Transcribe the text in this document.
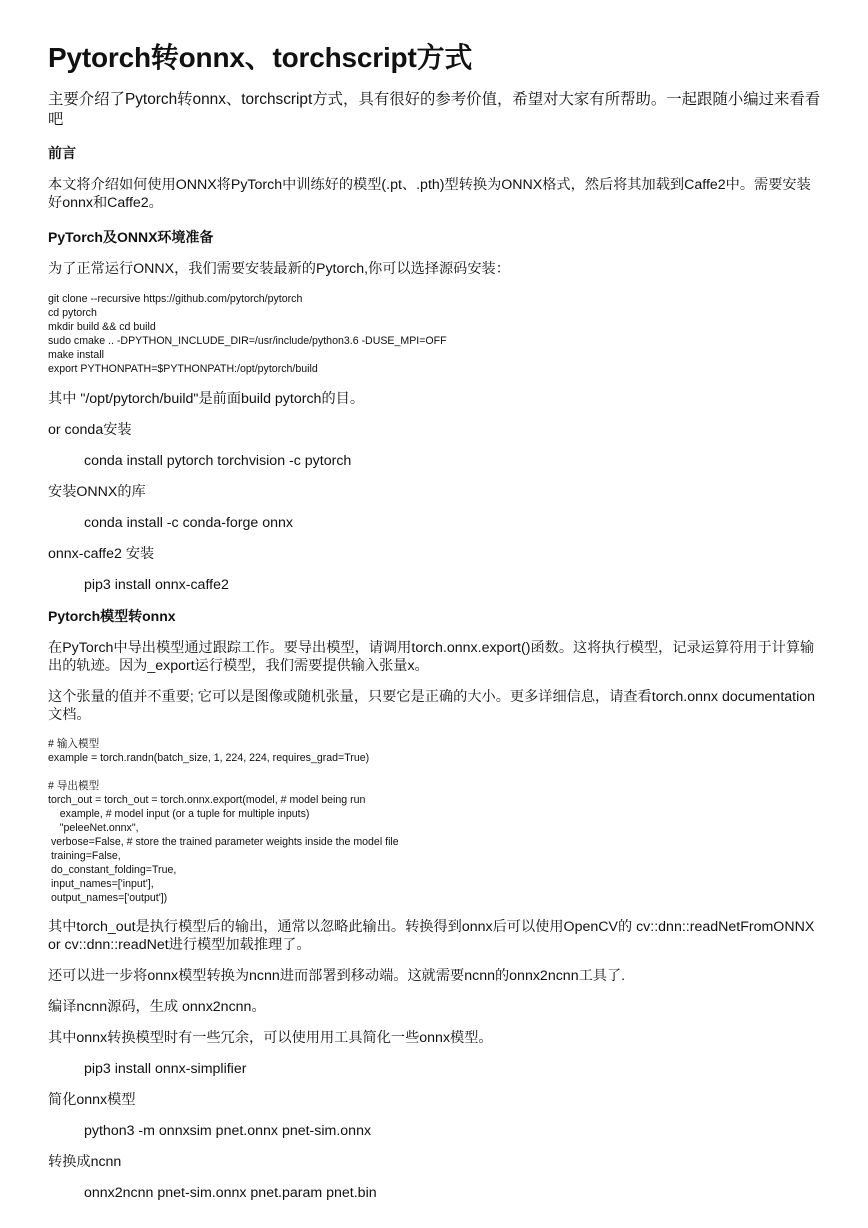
Pytorch转onnx、torchscript方式

主要介绍了Pytorch转onnx、torchscript方式，具有很好的参考价值，希望对大家有所帮助。一起跟随小编过来看看吧

前言

本文将介绍如何使用ONNX将PyTorch中训练好的模型(.pt、.pth)型转换为ONNX格式，然后将其加载到Caffe2中。需要安装好onnx和Caffe2。

PyTorch及ONNX环境准备

为了正常运行ONNX，我们需要安装最新的Pytorch,你可以选择源码安装：

git clone --recursive https://github.com/pytorch/pytorch
cd pytorch
mkdir build && cd build
sudo cmake .. -DPYTHON_INCLUDE_DIR=/usr/include/python3.6 -DUSE_MPI=OFF
make install
export PYTHONPATH=$PYTHONPATH:/opt/pytorch/build

其中 "/opt/pytorch/build"是前面build pytorch的目。

or conda安装

conda install pytorch torchvision -c pytorch

安装ONNX的库

conda install -c conda-forge onnx

onnx-caffe2 安装

pip3 install onnx-caffe2

Pytorch模型转onnx

在PyTorch中导出模型通过跟踪工作。要导出模型，请调用torch.onnx.export()函数。这将执行模型，记录运算符用于计算输出的轨迹。因为_export运行模型，我们需要提供输入张量x。

这个张量的值并不重要; 它可以是图像或随机张量，只要它是正确的大小。更多详细信息，请查看torch.onnx documentation文档。

# 输入模型
example = torch.randn(batch_size, 1, 224, 224, requires_grad=True)

# 导出模型
torch_out = torch_out = torch.onnx.export(model, # model being run
example, # model input (or a tuple for multiple inputs)
"peleeNet.onnx",
verbose=False, # store the trained parameter weights inside the model file
training=False,
do_constant_folding=True,
input_names=['input'],
output_names=['output'])

其中torch_out是执行模型后的输出，通常以忽略此输出。转换得到onnx后可以使用OpenCV的 cv::dnn::readNetFromONNX or cv::dnn::readNet进行模型加载推理了。

还可以进一步将onnx模型转换为ncnn进而部署到移动端。这就需要ncnn的onnx2ncnn工具了.

编译ncnn源码，生成 onnx2ncnn。

其中onnx转换模型时有一些冗余，可以使用用工具简化一些onnx模型。

pip3 install onnx-simplifier

简化onnx模型

python3 -m onnxsim pnet.onnx pnet-sim.onnx

转换成ncnn

onnx2ncnn pnet-sim.onnx pnet.param pnet.bin
